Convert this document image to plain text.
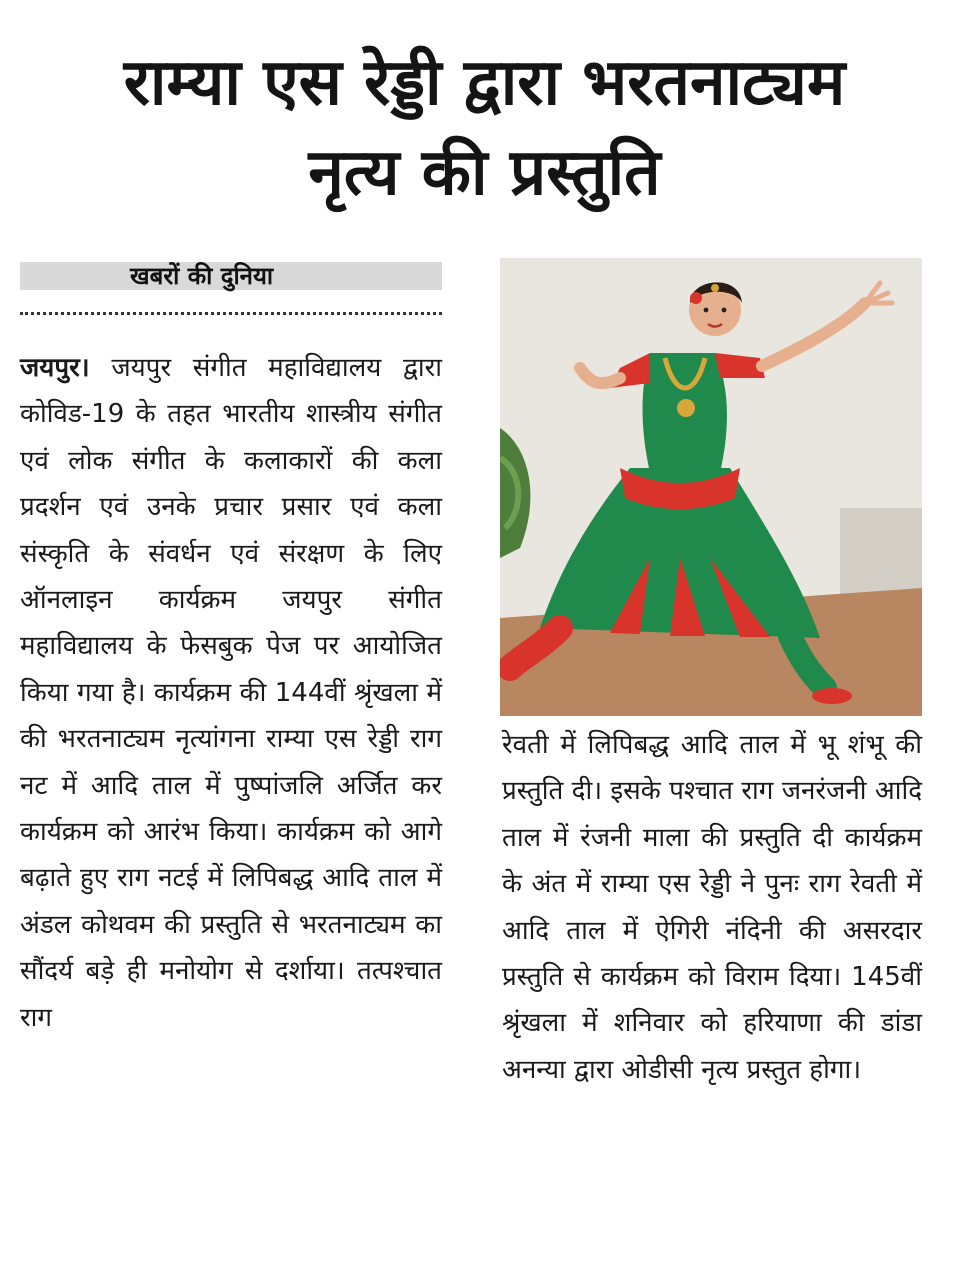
राम्या एस रेड्डी द्वारा भरतनाट्यम
नृत्य की प्रस्तुति
खबरों की दुनिया
जयपुर। जयपुर संगीत महाविद्यालय द्वारा कोविड-19 के तहत भारतीय शास्त्रीय संगीत एवं लोक संगीत के कलाकारों की कला प्रदर्शन एवं उनके प्रचार प्रसार एवं कला संस्कृति के संवर्धन एवं संरक्षण के लिए ऑनलाइन कार्यक्रम जयपुर संगीत महाविद्यालय के फेसबुक पेज पर आयोजित किया गया है। कार्यक्रम की 144वीं श्रृंखला में की भरतनाट्यम नृत्यांगना राम्या एस रेड्डी राग नट में आदि ताल में पुष्पांजलि अर्जित कर कार्यक्रम को आरंभ किया। कार्यक्रम को आगे बढ़ाते हुए राग नटई में लिपिबद्ध आदि ताल में अंडल कोथवम की प्रस्तुति से भरतनाट्यम का सौंदर्य बड़े ही मनोयोग से दर्शाया। तत्पश्चात राग
रेवती में लिपिबद्ध आदि ताल में भू शंभू की प्रस्तुति दी। इसके पश्चात राग जनरंजनी आदि ताल में रंजनी माला की प्रस्तुति दी कार्यक्रम के अंत में राम्या एस रेड्डी ने पुनः राग रेवती में आदि ताल में ऐगिरी नंदिनी की असरदार प्रस्तुति से कार्यक्रम को विराम दिया। 145वीं श्रृंखला में शनिवार को हरियाणा की डांडा अनन्या द्वारा ओडीसी नृत्य प्रस्तुत होगा।
